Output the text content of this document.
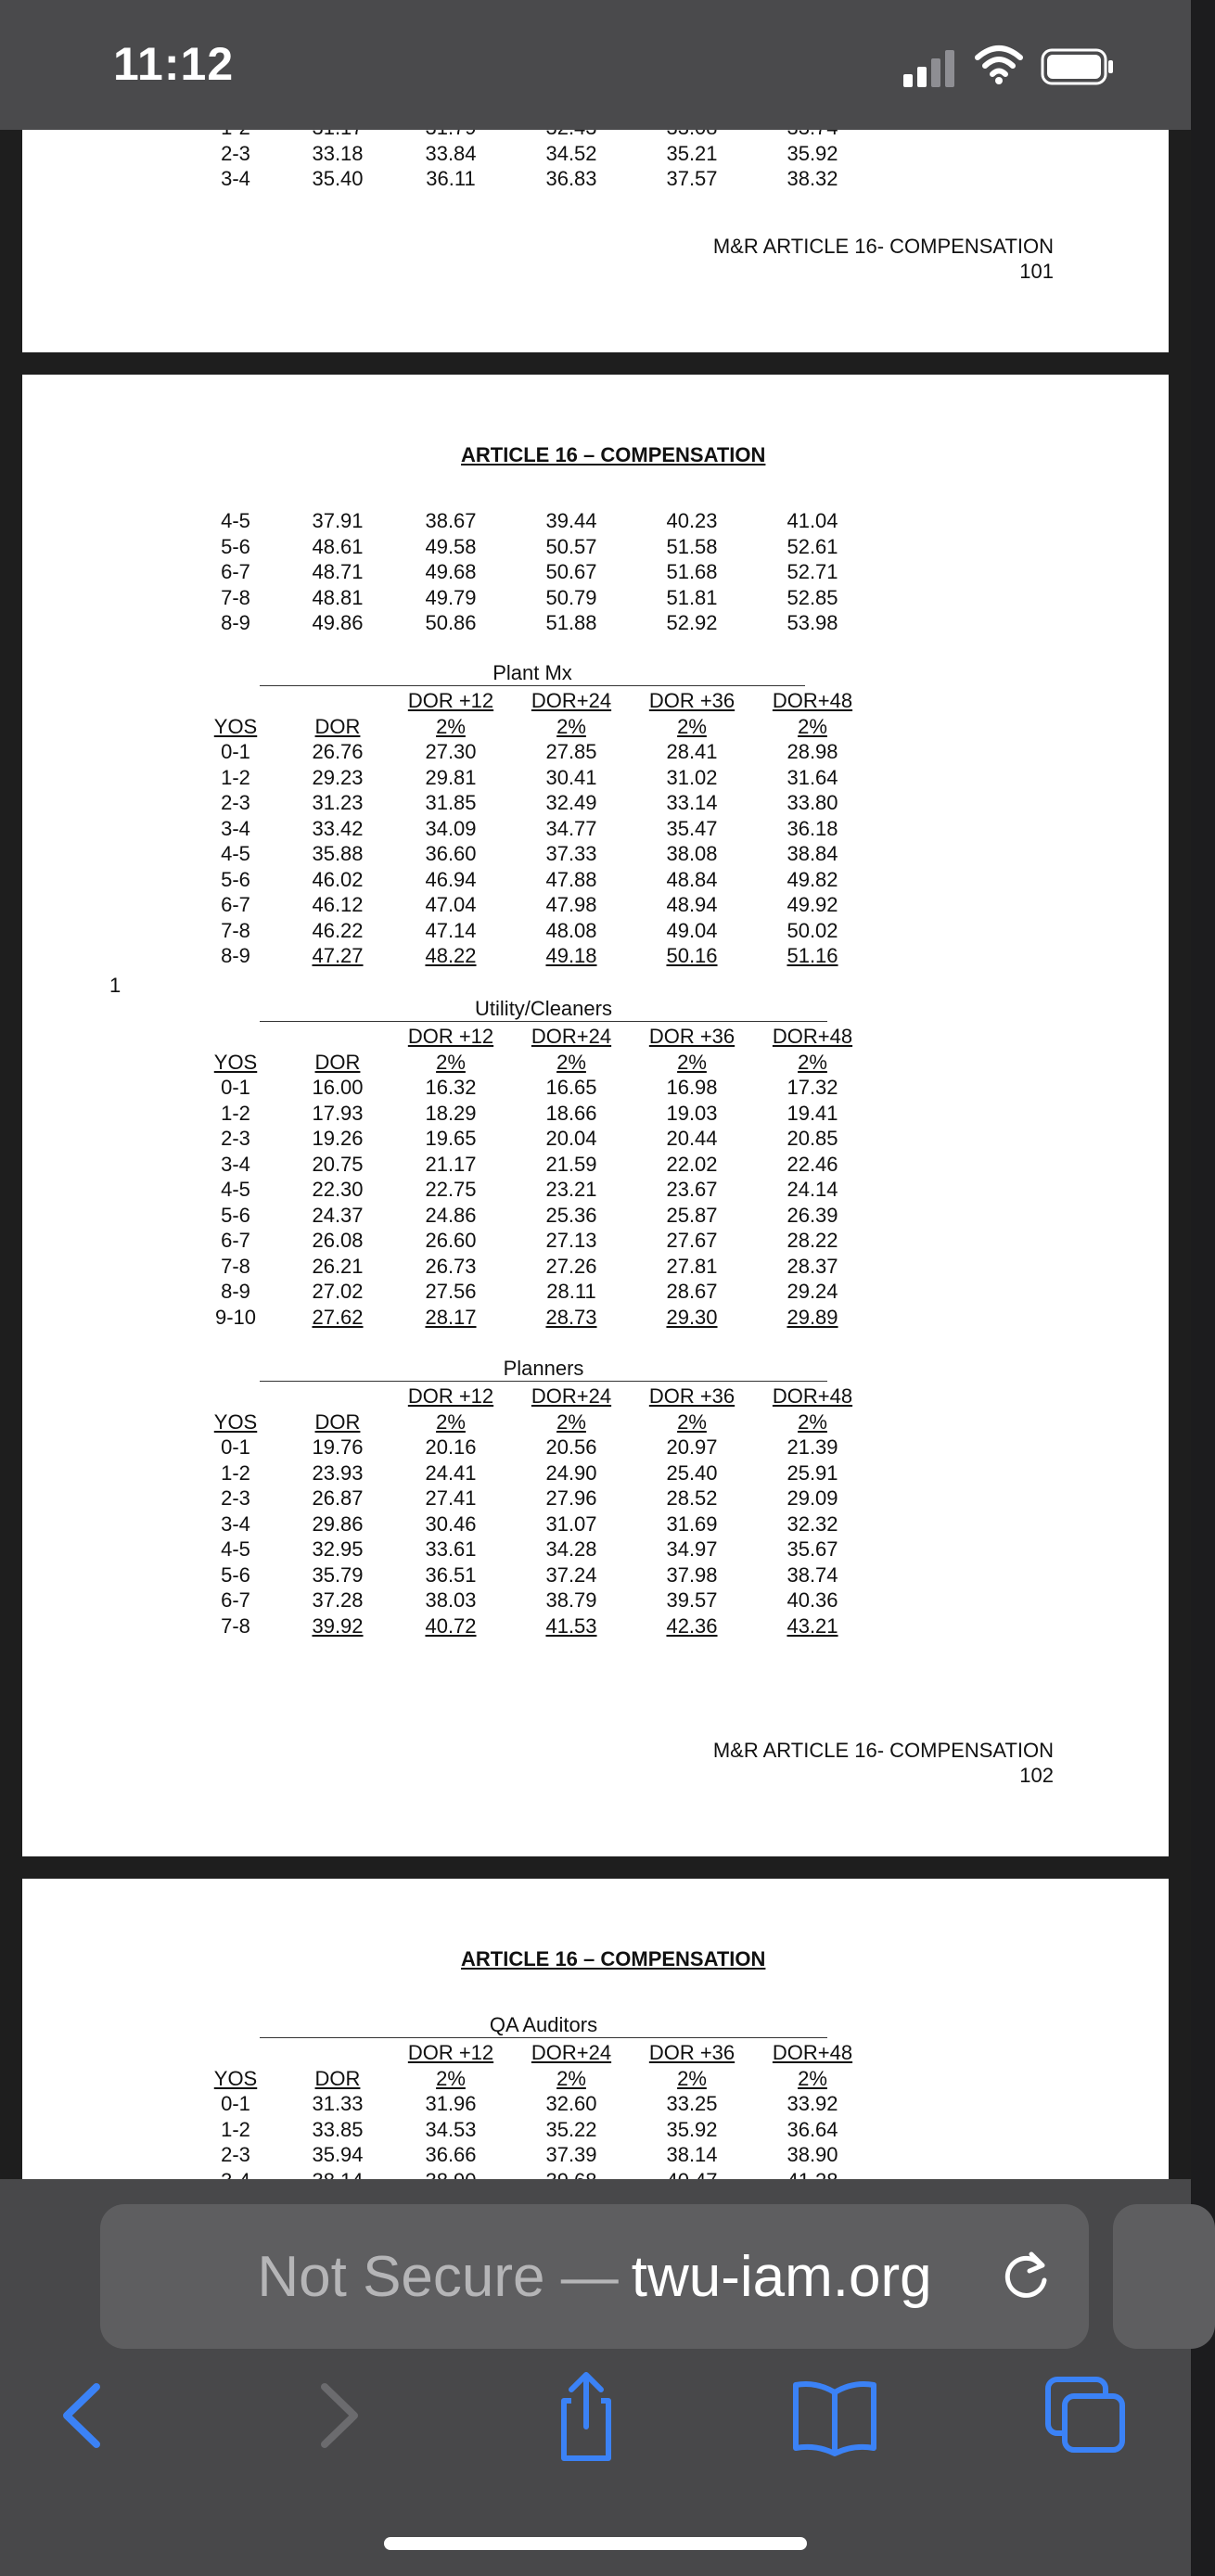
2-3	33.18	33.84	34.52	35.21	35.92
3-4	35.40	36.11	36.83	37.57	38.32
M&R ARTICLE 16- COMPENSATION
101
ARTICLE 16 – COMPENSATION
4-5	37.91	38.67	39.44	40.23	41.04
5-6	48.61	49.58	50.57	51.58	52.61
6-7	48.71	49.68	50.67	51.68	52.71
7-8	48.81	49.79	50.79	51.81	52.85
8-9	49.86	50.86	51.88	52.92	53.98
Plant Mx
		DOR +12	DOR+24	DOR +36	DOR+48
YOS	DOR	2%	2%	2%	2%
0-1	26.76	27.30	27.85	28.41	28.98
1-2	29.23	29.81	30.41	31.02	31.64
2-3	31.23	31.85	32.49	33.14	33.80
3-4	33.42	34.09	34.77	35.47	36.18
4-5	35.88	36.60	37.33	38.08	38.84
5-6	46.02	46.94	47.88	48.84	49.82
6-7	46.12	47.04	47.98	48.94	49.92
7-8	46.22	47.14	48.08	49.04	50.02
8-9	47.27	48.22	49.18	50.16	51.16
1
Utility/Cleaners
		DOR +12	DOR+24	DOR +36	DOR+48
YOS	DOR	2%	2%	2%	2%
0-1	16.00	16.32	16.65	16.98	17.32
1-2	17.93	18.29	18.66	19.03	19.41
2-3	19.26	19.65	20.04	20.44	20.85
3-4	20.75	21.17	21.59	22.02	22.46
4-5	22.30	22.75	23.21	23.67	24.14
5-6	24.37	24.86	25.36	25.87	26.39
6-7	26.08	26.60	27.13	27.67	28.22
7-8	26.21	26.73	27.26	27.81	28.37
8-9	27.02	27.56	28.11	28.67	29.24
9-10	27.62	28.17	28.73	29.30	29.89
Planners
		DOR +12	DOR+24	DOR +36	DOR+48
YOS	DOR	2%	2%	2%	2%
0-1	19.76	20.16	20.56	20.97	21.39
1-2	23.93	24.41	24.90	25.40	25.91
2-3	26.87	27.41	27.96	28.52	29.09
3-4	29.86	30.46	31.07	31.69	32.32
4-5	32.95	33.61	34.28	34.97	35.67
5-6	35.79	36.51	37.24	37.98	38.74
6-7	37.28	38.03	38.79	39.57	40.36
7-8	39.92	40.72	41.53	42.36	43.21
M&R ARTICLE 16- COMPENSATION
102
ARTICLE 16 – COMPENSATION
QA Auditors
		DOR +12	DOR+24	DOR +36	DOR+48
YOS	DOR	2%	2%	2%	2%
0-1	31.33	31.96	32.60	33.25	33.92
1-2	33.85	34.53	35.22	35.92	36.64
2-3	35.94	36.66	37.39	38.14	38.90

11:12
Not Secure — twu-iam.org
